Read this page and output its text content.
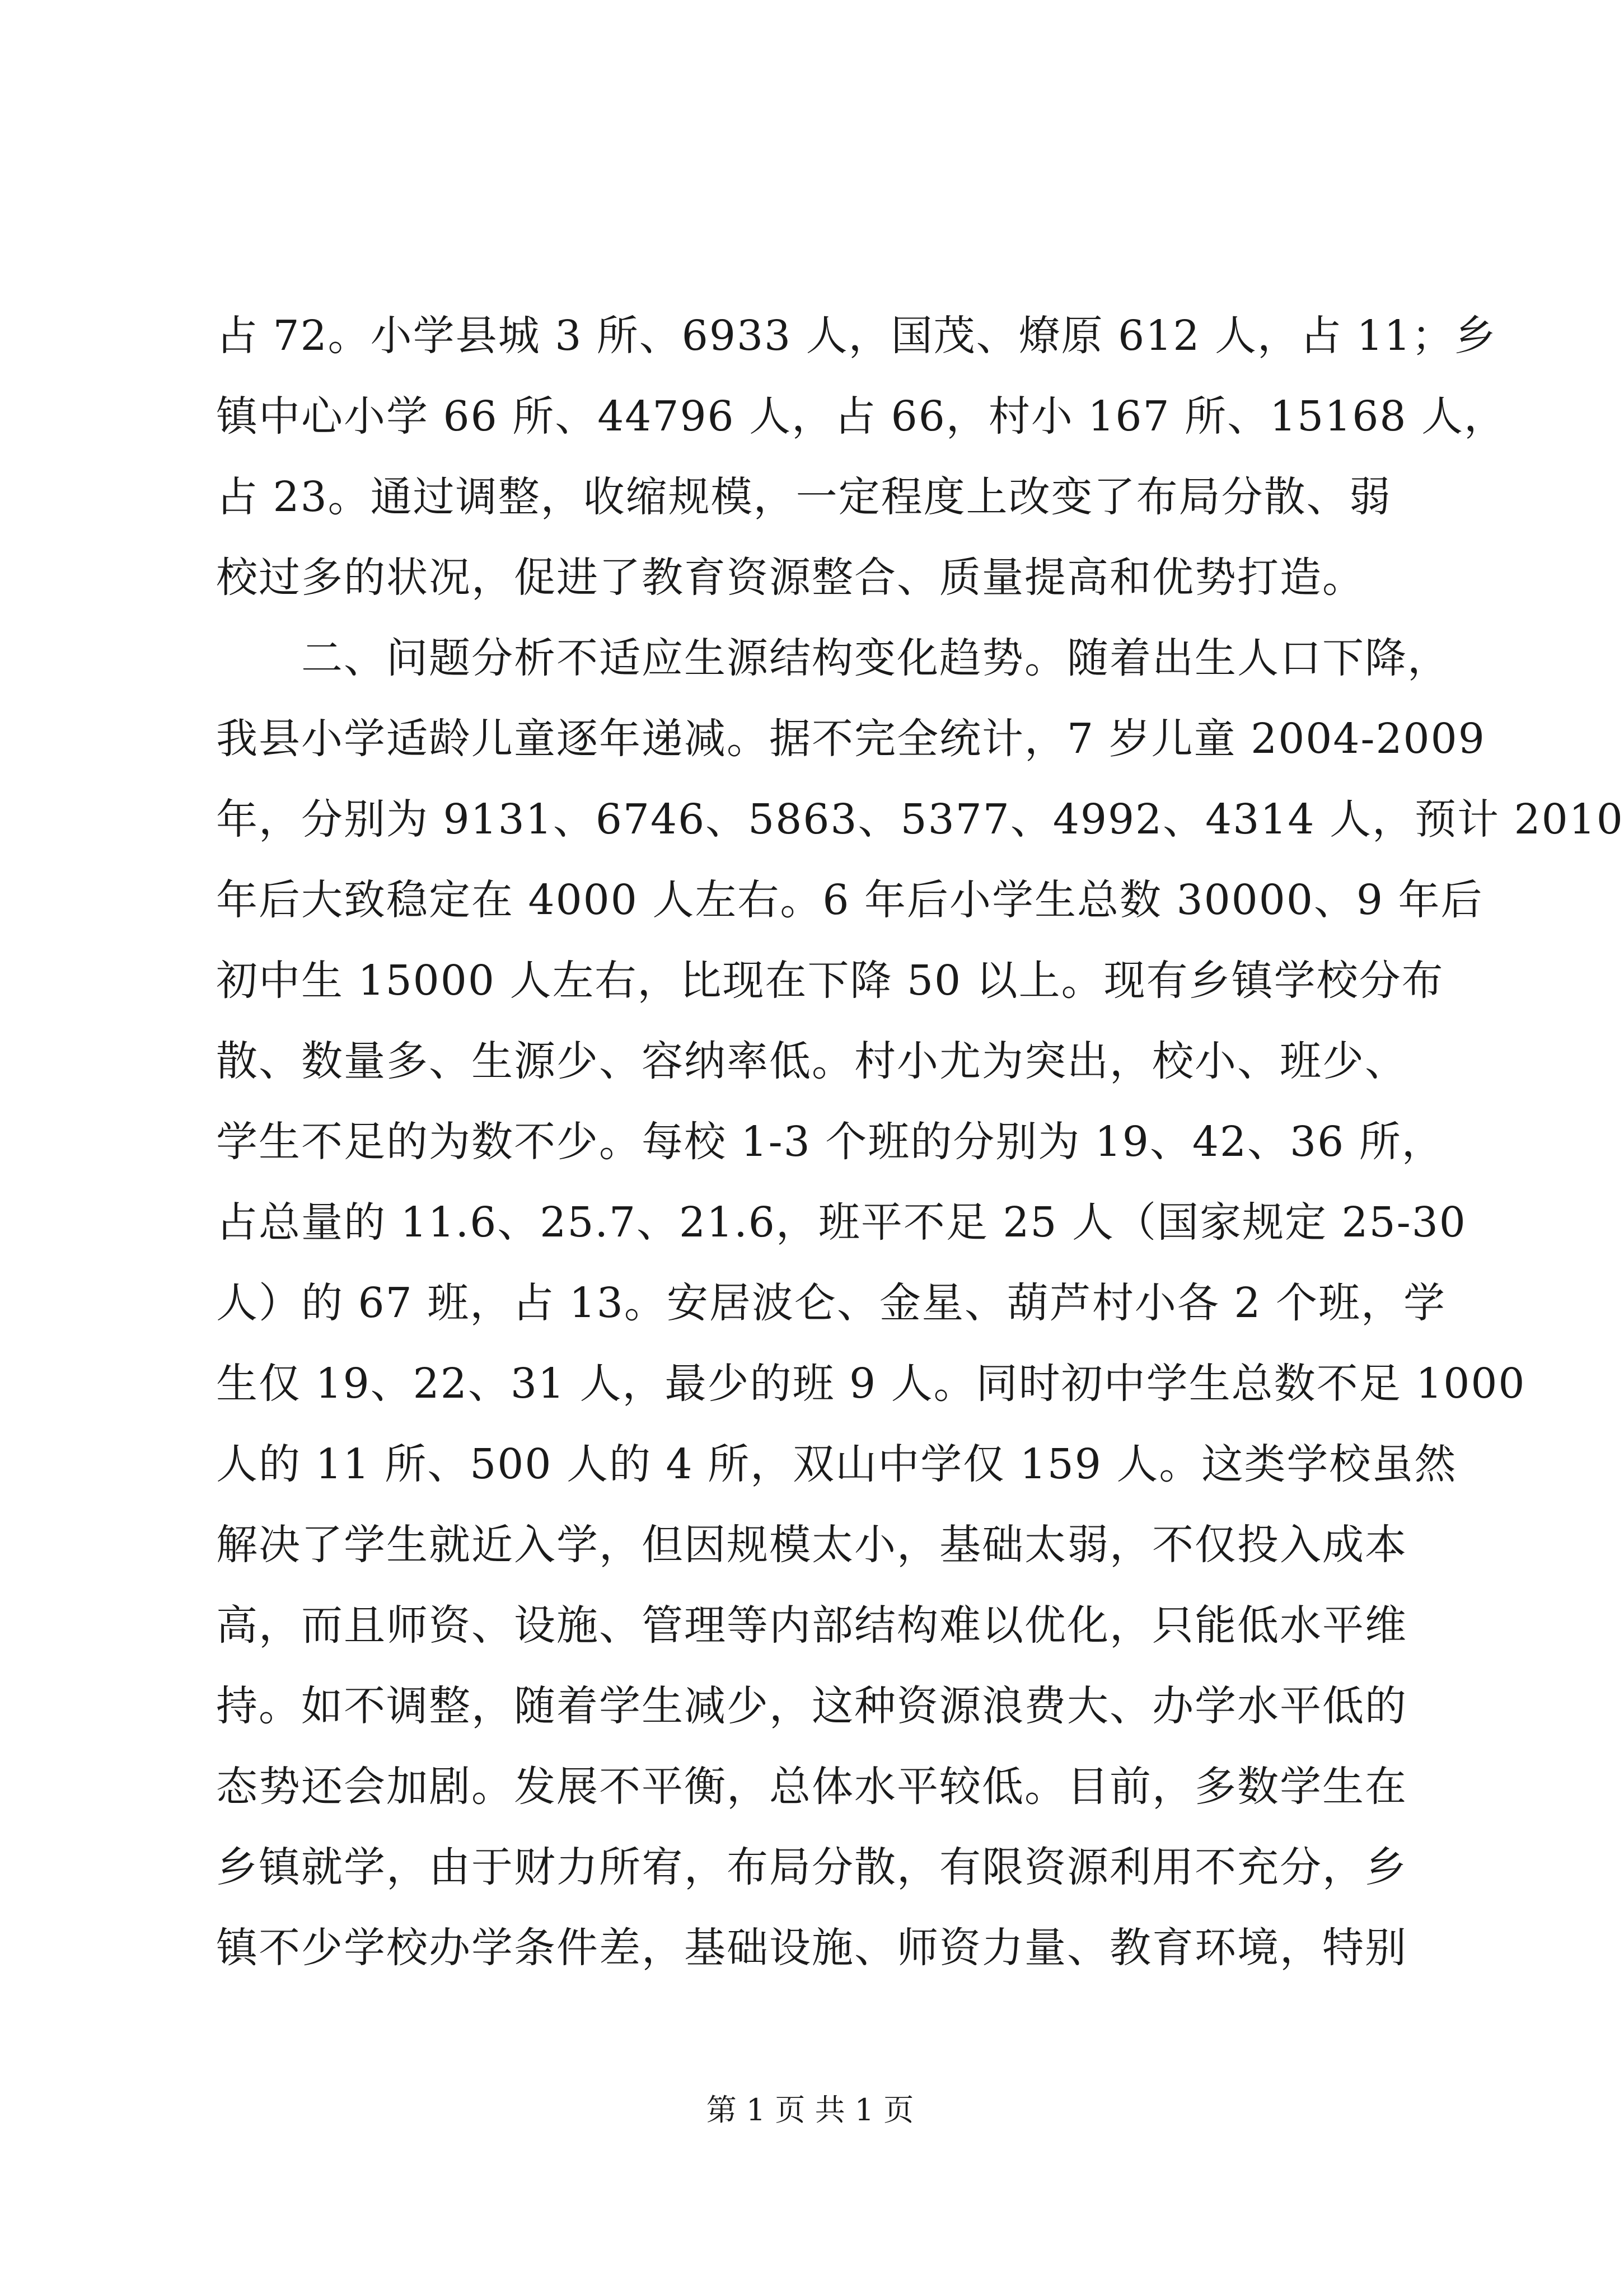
占 72。小学县城 3 所、6933 人，国茂、燎原 612 人，占 11；乡
镇中心小学 66 所、44796 人，占 66，村小 167 所、15168 人，
占 23。通过调整，收缩规模，一定程度上改变了布局分散、弱
校过多的状况，促进了教育资源整合、质量提高和优势打造。
　　二、问题分析不适应生源结构变化趋势。随着出生人口下降，
我县小学适龄儿童逐年递减。据不完全统计，7 岁儿童 2004-2009
年，分别为 9131、6746、5863、5377、4992、4314 人，预计 2010
年后大致稳定在 4000 人左右。6 年后小学生总数 30000、9 年后
初中生 15000 人左右，比现在下降 50 以上。现有乡镇学校分布
散、数量多、生源少、容纳率低。村小尤为突出，校小、班少、
学生不足的为数不少。每校 1-3 个班的分别为 19、42、36 所，
占总量的 11.6、25.7、21.6，班平不足 25 人（国家规定 25-30
人）的 67 班，占 13。安居波仑、金星、葫芦村小各 2 个班，学
生仅 19、22、31 人，最少的班 9 人。同时初中学生总数不足 1000
人的 11 所、500 人的 4 所，双山中学仅 159 人。这类学校虽然
解决了学生就近入学，但因规模太小，基础太弱，不仅投入成本
高，而且师资、设施、管理等内部结构难以优化，只能低水平维
持。如不调整，随着学生减少，这种资源浪费大、办学水平低的
态势还会加剧。发展不平衡，总体水平较低。目前，多数学生在
乡镇就学，由于财力所宥，布局分散，有限资源利用不充分，乡
镇不少学校办学条件差，基础设施、师资力量、教育环境，特别
第 1 页 共 1 页
